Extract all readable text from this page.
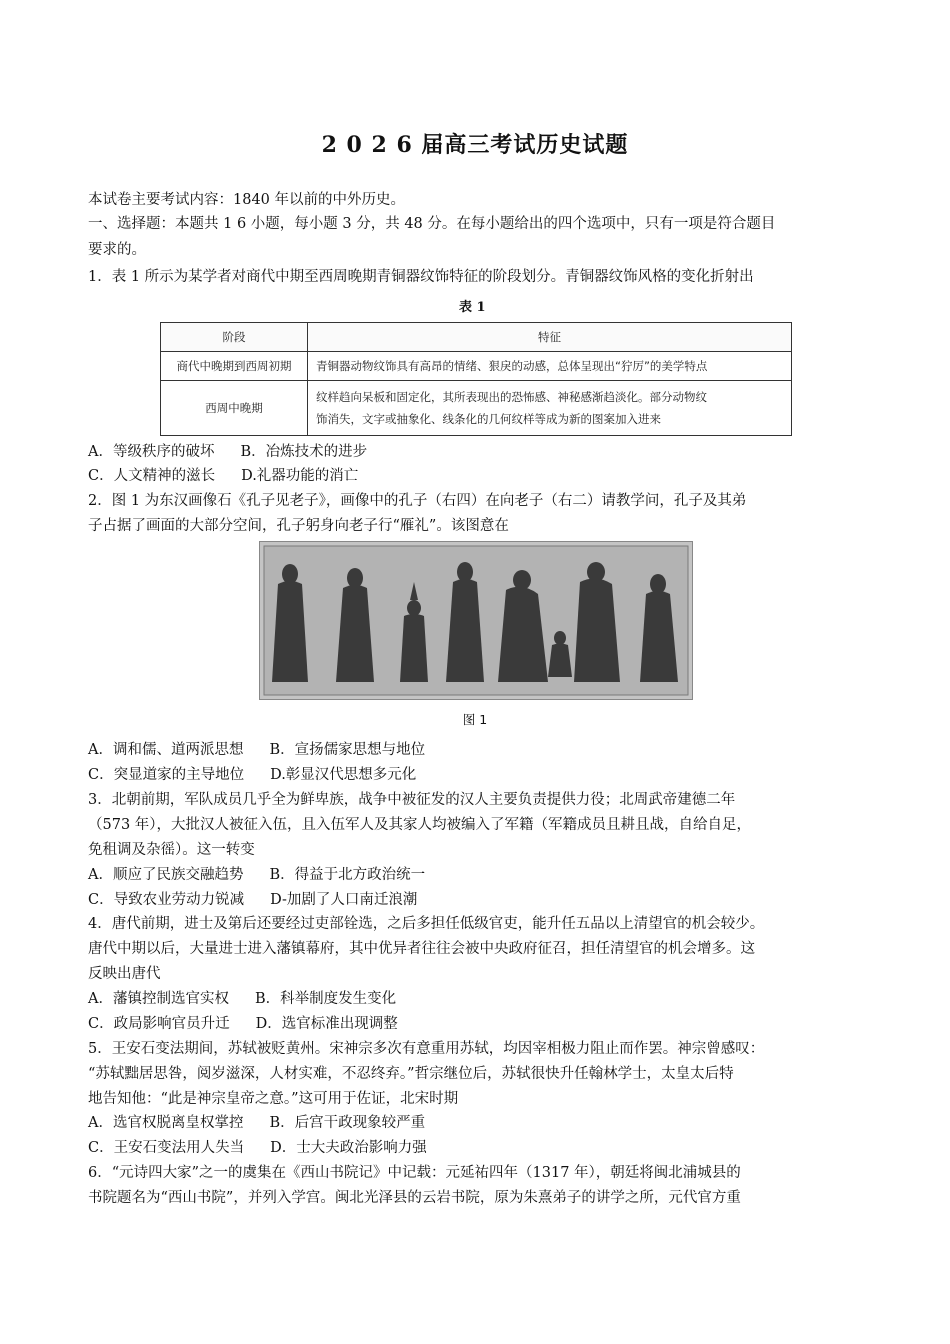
2 0 2 6 届高三考试历史试题
本试卷主要考试内容：1840 年以前的中外历史。
一、选择题：本题共 1 6 小题，每小题 3 分，共 48 分。在每小题给出的四个选项中，只有一项是符合题目
要求的。
1．表 1 所示为某学者对商代中期至西周晚期青铜器纹饰特征的阶段划分。青铜器纹饰风格的变化折射出
表 1
阶段	特征
商代中晚期到西周初期	青铜器动物纹饰具有高昂的情绪、狠戾的动感，总体呈现出“狞厉”的美学特点
西周中晚期	纹样趋向呆板和固定化，其所表现出的恐怖感、神秘感渐趋淡化。部分动物纹
饰消失，文字或抽象化、线条化的几何纹样等成为新的图案加入进来
A．等级秩序的破坏 B．冶炼技术的进步
C．人文精神的滋长 D.礼器功能的消亡
2．图 1 为东汉画像石《孔子见老子》，画像中的孔子（右四）在向老子（右二）请教学问，孔子及其弟
子占据了画面的大部分空间，孔子躬身向老子行“雁礼”。该图意在
图 1
A．调和儒、道两派思想 B．宣扬儒家思想与地位
C．突显道家的主导地位 D.彰显汉代思想多元化
3．北朝前期，军队成员几乎全为鲜卑族，战争中被征发的汉人主要负责提供力役；北周武帝建德二年
（573 年），大批汉人被征入伍，且入伍军人及其家人均被编入了军籍（军籍成员且耕且战，自给自足，
免租调及杂徭）。这一转变
A．顺应了民族交融趋势 B．得益于北方政治统一
C．导致农业劳动力锐减 D-加剧了人口南迁浪潮
4．唐代前期，进士及第后还要经过吏部铨选，之后多担任低级官吏，能升任五品以上清望官的机会较少。
唐代中期以后，大量进士进入藩镇幕府，其中优异者往往会被中央政府征召，担任清望官的机会增多。这
反映出唐代
A．藩镇控制选官实权 B．科举制度发生变化
C．政局影响官员升迁 D．选官标准出现调整
5．王安石变法期间，苏轼被贬黄州。宋神宗多次有意重用苏轼，均因宰相极力阻止而作罢。神宗曾感叹：
“苏轼黜居思咎，阅岁滋深，人材实难，不忍终弃。”哲宗继位后，苏轼很快升任翰林学士，太皇太后特
地告知他：“此是神宗皇帝之意。”这可用于佐证，北宋时期
A．选官权脱离皇权掌控 B．后宫干政现象较严重
C．王安石变法用人失当 D．士大夫政治影响力强
6．“元诗四大家”之一的虞集在《西山书院记》中记载：元延祐四年（1317 年），朝廷将闽北浦城县的
书院题名为“西山书院”，并列入学宫。闽北光泽县的云岩书院，原为朱熹弟子的讲学之所，元代官方重
